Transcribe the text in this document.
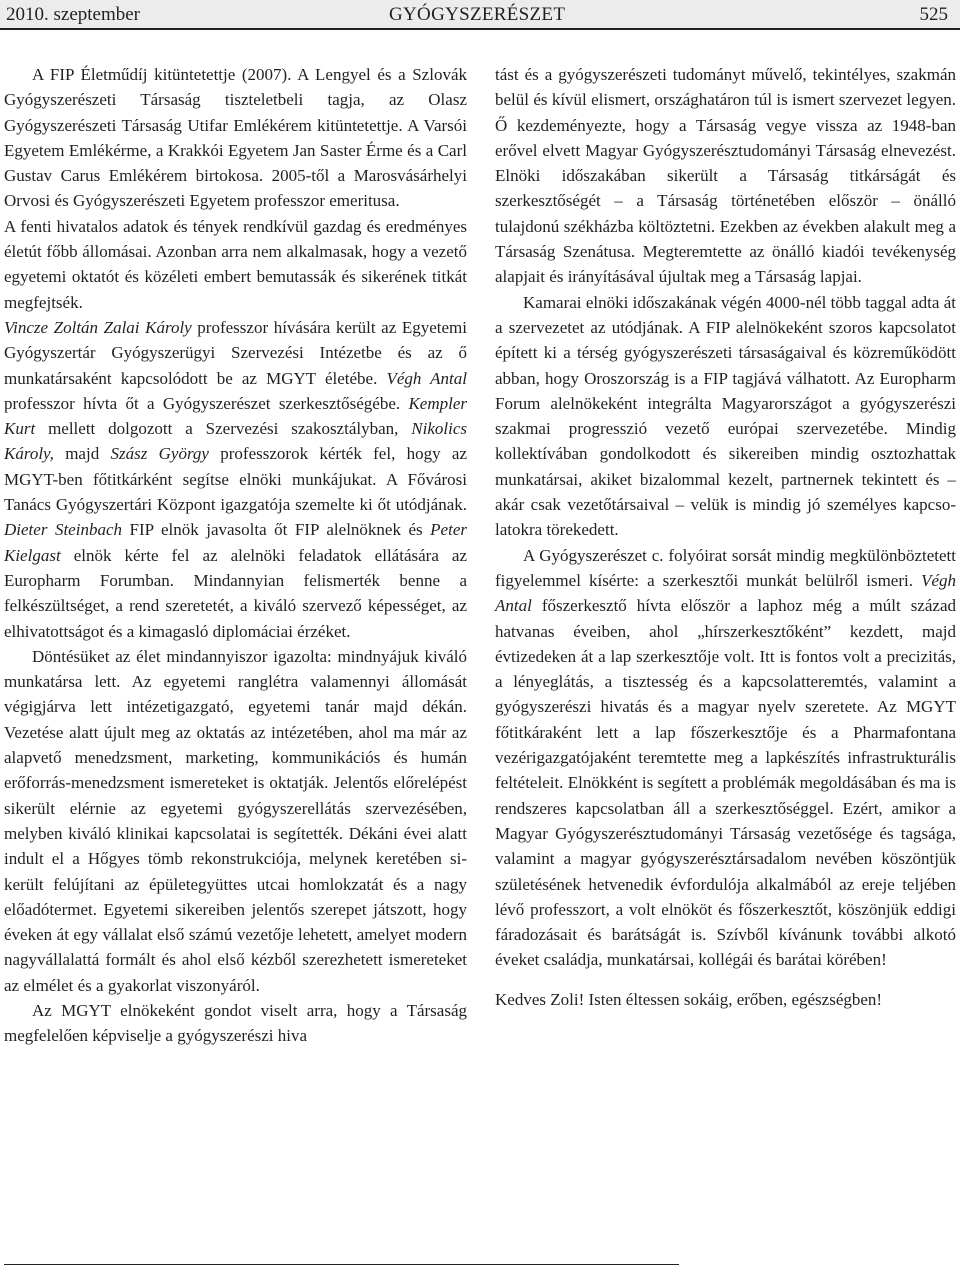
2010. szeptember	GYÓGYSZERÉSZET	525

A FIP Életműdíj kitüntetettje (2007). A Lengyel és a Szlovák Gyógyszerészeti Társaság tiszteletbeli tagja, az Olasz Gyógyszerészeti Társaság Utifar Emlékérem kitüntetettje. A Varsói Egyetem Emlékérme, a Krakkói Egyetem Jan Saster Érme és a Carl Gustav Carus Emlékérem birtokosa. 2005-től a Marosvásárhelyi Orvosi és Gyógyszerészeti Egyetem professzor emeritusa.

A fenti hivatalos adatok és tények rendkívül gazdag és eredményes életút főbb állomásai. Azonban arra nem alkalmasak, hogy a vezető egyetemi oktatót és közéleti embert bemutassák és sikerének titkát megfejtsék.

Vincze Zoltán Zalai Károly professzor hívására került az Egyetemi Gyógyszertár Gyógyszerügyi Szervezési Intézetbe és az ő munkatársaként kapcsolódott be az MGYT életébe. Végh Antal professzor hívta őt a Gyógyszerészet szerkesztőségébe. Kempler Kurt mellett dolgozott a Szervezési szakosztályban, Nikolics Károly, majd Szász György professzorok kérték fel, hogy az MGYT-ben főtitkárként segítse elnöki munkájukat. A Fővárosi Tanács Gyógyszertári Központ igazgatója szemelte ki őt utódjának. Dieter Steinbach FIP elnök javasolta őt FIP alelnöknek és Peter Kielgast elnök kérte fel az alelnöki feladatok ellátására az Europharm Forumban. Mindannyian felismerték benne a felkészültséget, a rend szeretetét, a kiváló szervező képességet, az elhivatottságot és a kimagasló diplomáciai érzéket.

Döntésüket az élet mindannyiszor igazolta: mindnyájuk kiváló munkatársa lett. Az egyetemi ranglétra valamennyi állomását végigjárva lett intézetigazgató, egyetemi tanár majd dékán. Vezetése alatt újult meg az oktatás az intézetében, ahol ma már az alapvető menedzsment, marketing, kommunikációs és humán erőforrás-menedzsment ismereteket is oktatják. Jelentős előrelépést sikerült elérnie az egyetemi gyógyszerellátás szervezésében, melyben kiváló klinikai kapcsolatai is segítették. Dékáni évei alatt indult el a Hőgyes tömb rekonstrukciója, melynek keretében sikerült felújítani az épületegyüttes utcai homlokzatát és a nagy előadótermet. Egyetemi sikereiben jelentős szerepet játszott, hogy éveken át egy vállalat első számú vezetője lehetett, amelyet modern nagyvállalattá formált és ahol első kézből szerezhetett ismereteket az elmélet és a gyakorlat viszonyáról.

Az MGYT elnökeként gondot viselt arra, hogy a Társaság megfelelően képviselje a gyógyszerészi hiva

tást és a gyógyszerészeti tudományt művelő, tekintélyes, szakmán belül és kívül elismert, országhatáron túl is ismert szervezet legyen. Ő kezdeményezte, hogy a Társaság vegye vissza az 1948-ban erővel elvett Magyar Gyógyszerésztudományi Társaság elnevezést. Elnöki időszakában sikerült a Társaság titkárságát és szerkesztőségét – a Társaság történetében először – önálló tulajdonú székházba költöztetni. Ezekben az években alakult meg a Társaság Szenátusa. Megteremtette az önálló kiadói tevékenység alapjait és irányításával újultak meg a Társaság lapjai.

Kamarai elnöki időszakának végén 4000-nél több taggal adta át a szervezetet az utódjának. A FIP alelnökeként szoros kapcsolatot épített ki a térség gyógyszerészeti társaságaival és közreműködött abban, hogy Oroszország is a FIP tagjává válhatott. Az Europharm Forum alelnökeként integrálta Magyarországot a gyógyszerészi szakmai progresszió vezető európai szervezetébe. Mindig kollektívában gondolkodott és sikereiben mindig osztozhattak munkatársai, akiket bizalommal kezelt, partnernek tekintett és – akár csak vezetőtársaival – velük is mindig jó személyes kapcsolatokra törekedett.

A Gyógyszerészet c. folyóirat sorsát mindig megkülönböztetett figyelemmel kísérte: a szerkesztői munkát belülről ismeri. Végh Antal főszerkesztő hívta először a laphoz még a múlt század hatvanas éveiben, ahol „hírszerkesztőként” kezdett, majd évtizedeken át a lap szerkesztője volt. Itt is fontos volt a precizitás, a lényeglátás, a tisztesség és a kapcsolatteremtés, valamint a gyógyszerészi hivatás és a magyar nyelv szeretete. Az MGYT főtitkáraként lett a lap főszerkesztője és a Pharmafontana vezérigazgatójaként teremtette meg a lapkészítés infrastrukturális feltételeit. Elnökként is segített a problémák megoldásában és ma is rendszeres kapcsolatban áll a szerkesztőséggel. Ezért, amikor a Magyar Gyógyszerésztudományi Társaság vezetősége és tagsága, valamint a magyar gyógyszerésztársadalom nevében köszöntjük születésének hetvenedik évfordulója alkalmából az ereje teljében lévő professzort, a volt elnököt és főszerkesztőt, köszönjük eddigi fáradozásait és barátságát is. Szívből kívánunk további alkotó éveket családja, munkatársai, kollégái és barátai körében!

Kedves Zoli! Isten éltessen sokáig, erőben, egészségben!
